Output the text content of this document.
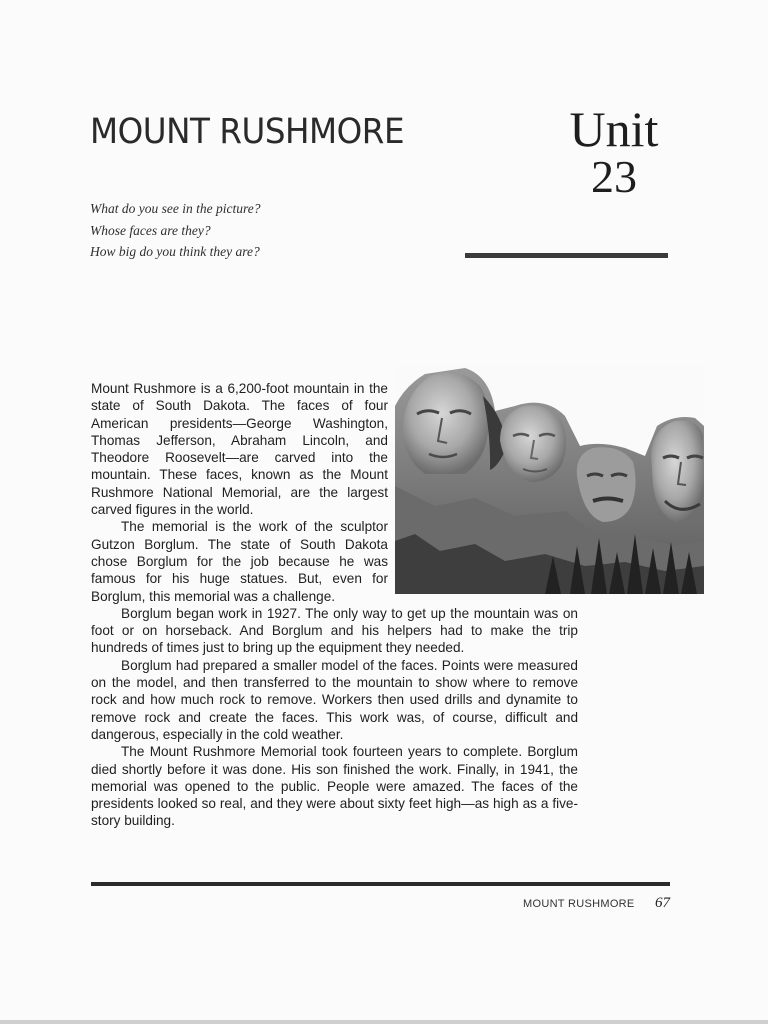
MOUNT RUSHMORE	Unit
23
What do you see in the picture?
Whose faces are they?
How big do you think they are?

Mount Rushmore is a 6,200-foot mountain in the state of South Dakota. The faces of four American presidents—George Washington, Thomas Jefferson, Abraham Lincoln, and Theodore Roosevelt—are carved into the mountain. These faces, known as the Mount Rushmore National Memorial, are the largest carved figures in the world.

The memorial is the work of the sculptor Gutzon Borglum. The state of South Dakota chose Borglum for the job because he was famous for his huge statues. But, even for Borglum, this memorial was a challenge.

Borglum began work in 1927. The only way to get up the mountain was on foot or on horseback. And Borglum and his helpers had to make the trip hundreds of times just to bring up the equipment they needed.

Borglum had prepared a smaller model of the faces. Points were measured on the model, and then transferred to the mountain to show where to remove rock and how much rock to remove. Workers then used drills and dynamite to remove rock and create the faces. This work was, of course, difficult and dangerous, especially in the cold weather.

The Mount Rushmore Memorial took fourteen years to complete. Borglum died shortly before it was done. His son finished the work. Finally, in 1941, the memorial was opened to the public. People were amazed. The faces of the presidents looked so real, and they were about sixty feet high—as high as a five-story building.

MOUNT RUSHMORE 67
